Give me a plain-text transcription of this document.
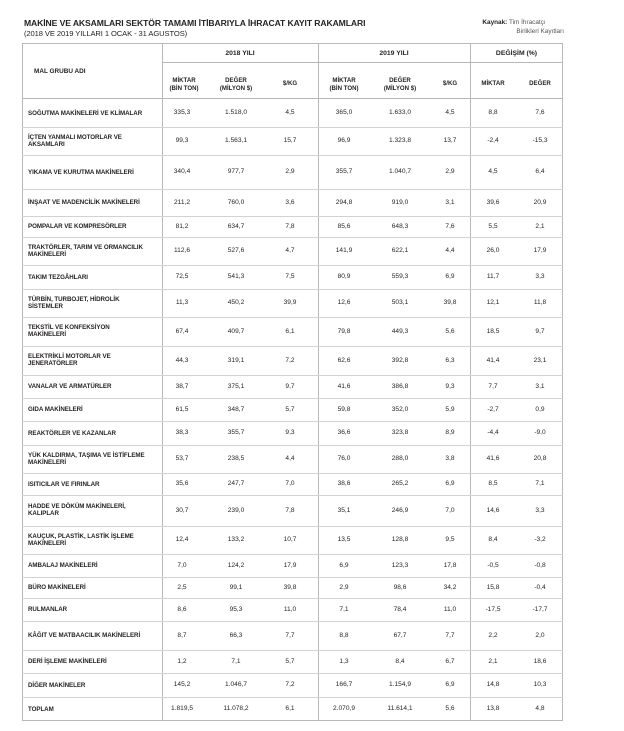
MAKİNE VE AKSAMLARI SEKTÖR TAMAMI İTİBARIYLA İHRACAT KAYIT RAKAMLARI
(2018 VE 2019 YILLARI 1 OCAK - 31 AGUSTOS)
Kaynak: Tim İhracatçı
Birlikleri Kayıtları
2018 YILI	2019 YILI	DEĞİŞİM (%)
MAL GRUBU ADI
MİKTAR
(BİN TON)
DEĞER
(MİLYON $)
$/KG	MİKTAR
(BİN TON)
DEĞER
(MİLYON $)
$/KG	MİKTAR	DEĞER
SOĞUTMA MAKİNELERİ VE KLİMALAR	335,3	1.518,0	4,5	365,0	1.633,0	4,5	8,8	7,6
İÇTEN YANMALI MOTORLAR VE AKSAMLARI
99,3	1.563,1	15,7	96,9	1.323,8	13,7	-2,4	-15,3
YIKAMA VE KURUTMA MAKİNELERİ	340,4	977,7	2,9	355,7	1.040,7	2,9	4,5	6,4
İNŞAAT VE MADENCİLİK MAKİNELERİ	211,2	760,0	3,6	294,8	919,0	3,1	39,6	20,9
POMPALAR VE KOMPRESÖRLER	81,2	634,7	7,8	85,6	648,3	7,6	5,5	2,1
TRAKTÖRLER, TARIM VE ORMANCILIK MAKİNELERİ
112,6	527,6	4,7	141,9	622,1	4,4	26,0	17,9
TAKIM TEZGÂHLARI	72,5	541,3	7,5	80,9	559,3	6,9	11,7	3,3
TÜRBİN, TURBOJET, HİDROLİK SİSTEMLER
11,3	450,2	39,9	12,6	503,1	39,8	12,1	11,8
TEKSTİL VE KONFEKSİYON MAKİNELERİ
67,4	409,7	6,1	79,8	449,3	5,6	18,5	9,7
ELEKTRİKLİ MOTORLAR VE JENERATÖRLER
44,3	319,1	7,2	62,6	392,8	6,3	41,4	23,1
VANALAR VE ARMATÜRLER	38,7	375,1	9,7	41,6	386,8	9,3	7,7	3,1
GIDA MAKİNELERİ	61,5	348,7	5,7	59,8	352,0	5,9	-2,7	0,9
REAKTÖRLER VE KAZANLAR	38,3	355,7	9,3	36,6	323,8	8,9	-4,4	-9,0
YÜK KALDIRMA, TAŞIMA VE İSTİFLEME MAKİNELERİ
53,7	238,5	4,4	76,0	288,0	3,8	41,6	20,8
ISITICILAR VE FIRINLAR	35,6	247,7	7,0	38,6	265,2	6,9	8,5	7,1
HADDE VE DÖKÜM MAKİNELERİ, KALIPLAR
30,7	239,0	7,8	35,1	246,9	7,0	14,6	3,3
KAUÇUK, PLASTİK, LASTİK İŞLEME MAKİNELERİ
12,4	133,2	10,7	13,5	128,8	9,5	8,4	-3,2
AMBALAJ MAKİNELERİ	7,0	124,2	17,9	6,9	123,3	17,8	-0,5	-0,8
BÜRO MAKİNELERİ	2,5	99,1	39,8	2,9	98,6	34,2	15,8	-0,4
RULMANLAR	8,6	95,3	11,0	7,1	78,4	11,0	-17,5	-17,7
KÂĞIT VE MATBAACILIK MAKİNELERİ	8,7	66,3	7,7	8,8	67,7	7,7	2,2	2,0
DERİ İŞLEME MAKİNELERİ	1,2	7,1	5,7	1,3	8,4	6,7	2,1	18,6
DİĞER MAKİNELER	145,2	1.046,7	7,2	166,7	1.154,9	6,9	14,8	10,3
TOPLAM	1.819,5	11.078,2	6,1	2.070,9	11.614,1	5,6	13,8	4,8
